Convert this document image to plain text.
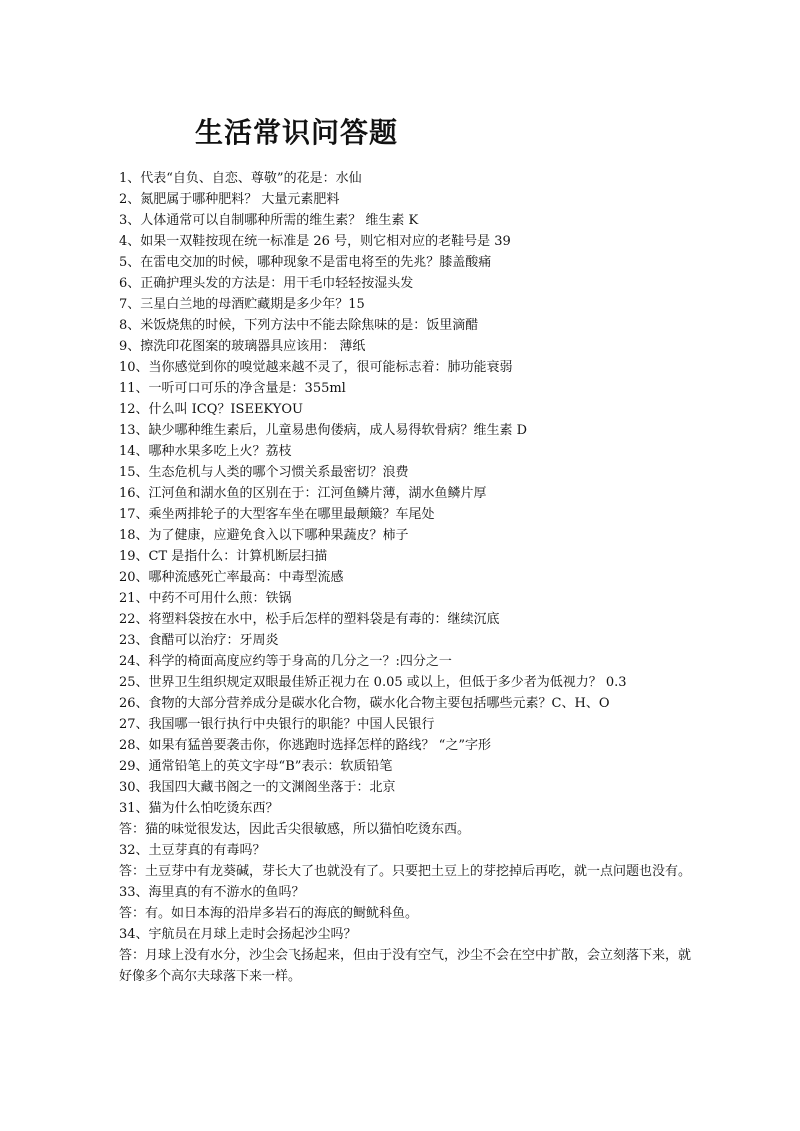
生活常识问答题
1、代表“自负、自恋、尊敬”的花是：水仙
2、氮肥属于哪种肥料？ 大量元素肥料
3、人体通常可以自制哪种所需的维生素？ 维生素 K
4、如果一双鞋按现在统一标准是 26 号，则它相对应的老鞋号是 39
5、在雷电交加的时候，哪种现象不是雷电将至的先兆？膝盖酸痛
6、正确护理头发的方法是：用干毛巾轻轻按湿头发
7、三星白兰地的母酒贮藏期是多少年？15
8、米饭烧焦的时候，下列方法中不能去除焦味的是：饭里滴醋
9、擦洗印花图案的玻璃器具应该用： 薄纸
10、当你感觉到你的嗅觉越来越不灵了，很可能标志着：肺功能衰弱
11、一听可口可乐的净含量是：355ml
12、什么叫 ICQ？ISEEKYOU
13、缺少哪种维生素后，儿童易患佝偻病，成人易得软骨病？维生素 D
14、哪种水果多吃上火？荔枝
15、生态危机与人类的哪个习惯关系最密切？浪费
16、江河鱼和湖水鱼的区别在于：江河鱼鳞片薄，湖水鱼鳞片厚
17、乘坐两排轮子的大型客车坐在哪里最颠簸？车尾处
18、为了健康，应避免食入以下哪种果蔬皮？柿子
19、CT 是指什么：计算机断层扫描
20、哪种流感死亡率最高：中毒型流感
21、中药不可用什么煎：铁锅
22、将塑料袋按在水中，松手后怎样的塑料袋是有毒的：继续沉底
23、食醋可以治疗：牙周炎
24、科学的椅面高度应约等于身高的几分之一？:四分之一
25、世界卫生组织规定双眼最佳矫正视力在 0.05 或以上，但低于多少者为低视力？ 0.3
26、食物的大部分营养成分是碳水化合物，碳水化合物主要包括哪些元素？C、H、O
27、我国哪一银行执行中央银行的职能？中国人民银行
28、如果有猛兽要袭击你，你逃跑时选择怎样的路线？ “之”字形
29、通常铅笔上的英文字母“B”表示：软质铅笔
30、我国四大藏书阁之一的文渊阁坐落于：北京
31、猫为什么怕吃烫东西？
答：猫的味觉很发达，因此舌尖很敏感，所以猫怕吃烫东西。
32、土豆芽真的有毒吗？
答：土豆芽中有龙葵碱，芽长大了也就没有了。只要把土豆上的芽挖掉后再吃，就一点问题也没有。
33、海里真的有不游水的鱼吗？
答：有。如日本海的沿岸多岩石的海底的鲥鱿科鱼。
34、宇航员在月球上走时会扬起沙尘吗？
答：月球上没有水分，沙尘会飞扬起来，但由于没有空气，沙尘不会在空中扩散，会立刻落下来，就好像多个高尔夫球落下来一样。
